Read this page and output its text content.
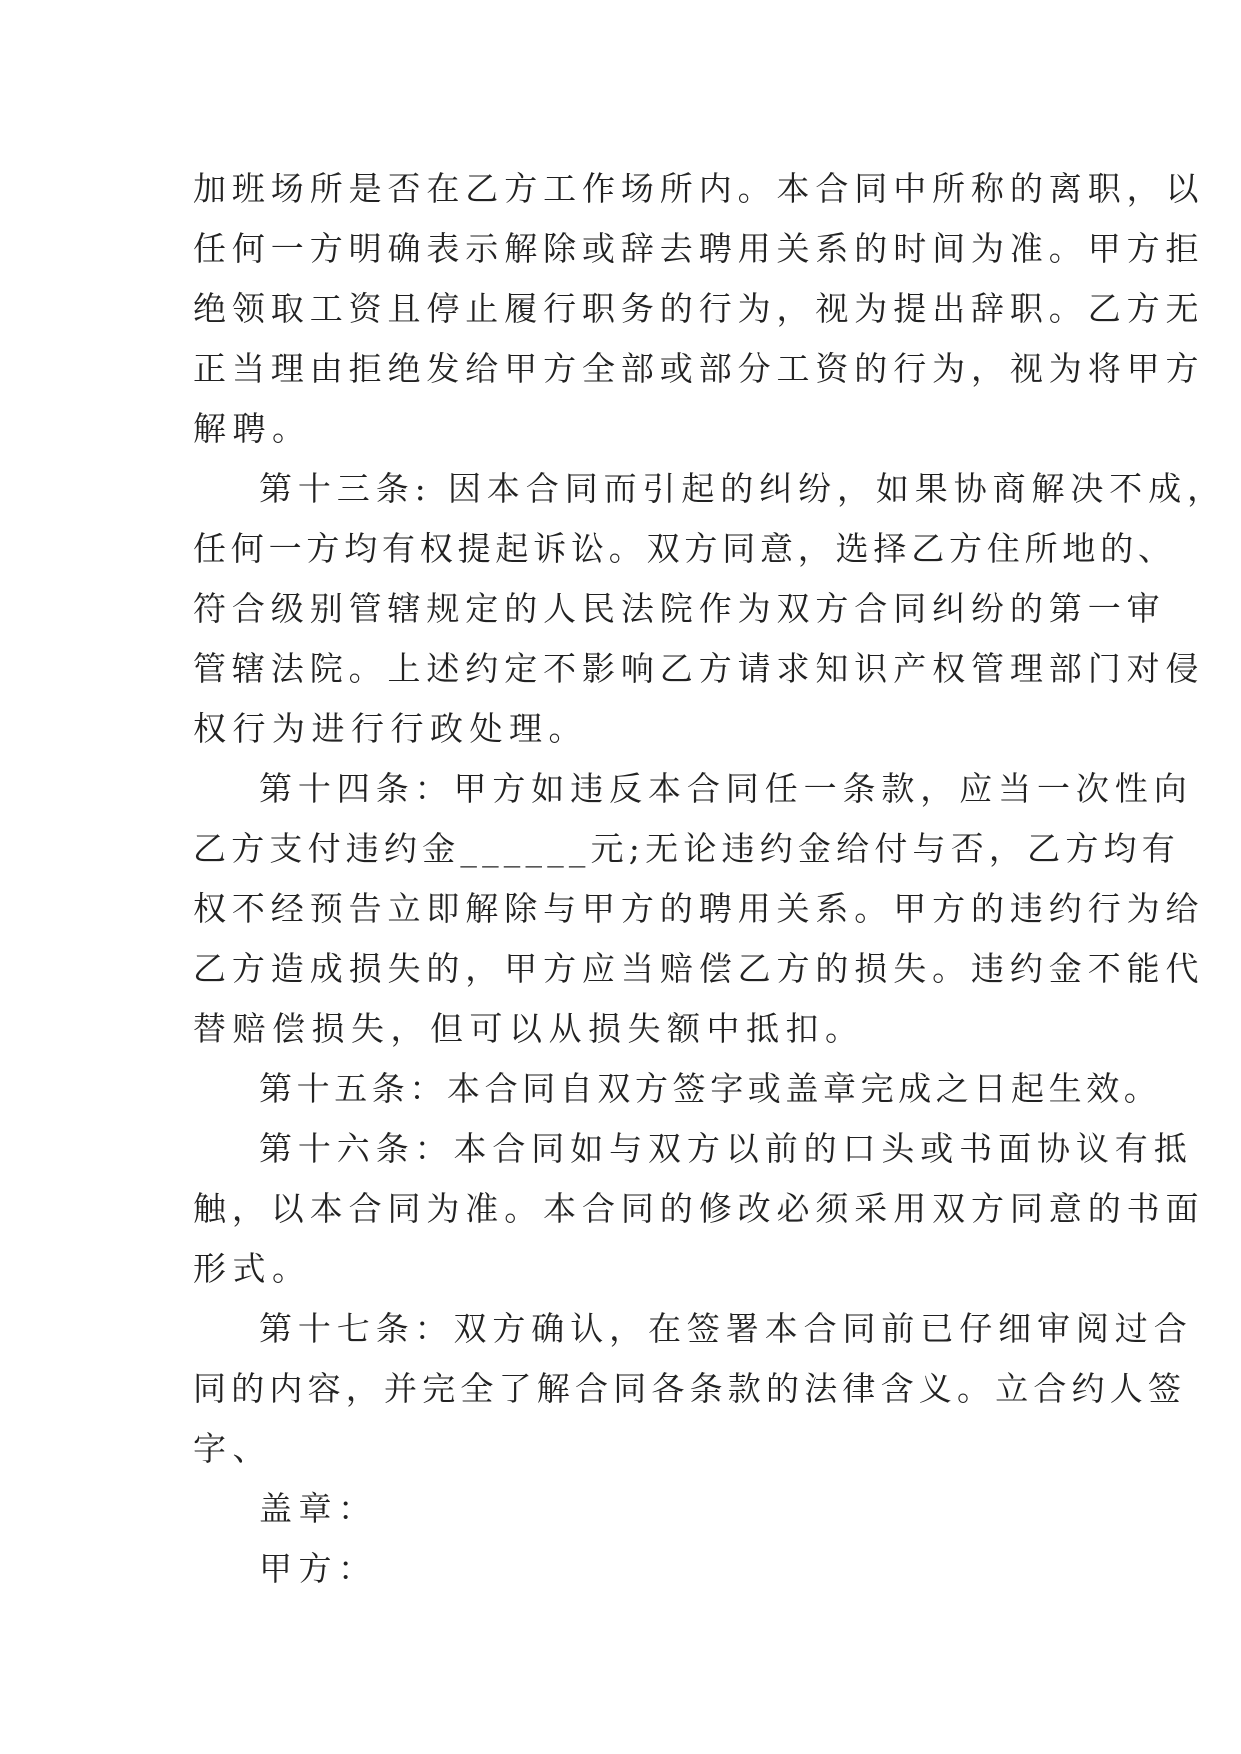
加班场所是否在乙方工作场所内。本合同中所称的离职，以
任何一方明确表示解除或辞去聘用关系的时间为准。甲方拒
绝领取工资且停止履行职务的行为，视为提出辞职。乙方无
正当理由拒绝发给甲方全部或部分工资的行为，视为将甲方
解聘。
第十三条: 因本合同而引起的纠纷，如果协商解决不成，
任何一方均有权提起诉讼。双方同意，选择乙方住所地的、
符合级别管辖规定的人民法院作为双方合同纠纷的第一审
管辖法院。上述约定不影响乙方请求知识产权管理部门对侵
权行为进行行政处理。
第十四条：甲方如违反本合同任一条款，应当一次性向
乙方支付违约金______元;无论违约金给付与否，乙方均有
权不经预告立即解除与甲方的聘用关系。甲方的违约行为给
乙方造成损失的，甲方应当赔偿乙方的损失。违约金不能代
替赔偿损失，但可以从损失额中抵扣。
第十五条：本合同自双方签字或盖章完成之日起生效。
第十六条：本合同如与双方以前的口头或书面协议有抵
触，以本合同为准。本合同的修改必须采用双方同意的书面
形式。
第十七条：双方确认，在签署本合同前已仔细审阅过合
同的内容，并完全了解合同各条款的法律含义。立合约人签
字、
盖章：
甲方：
